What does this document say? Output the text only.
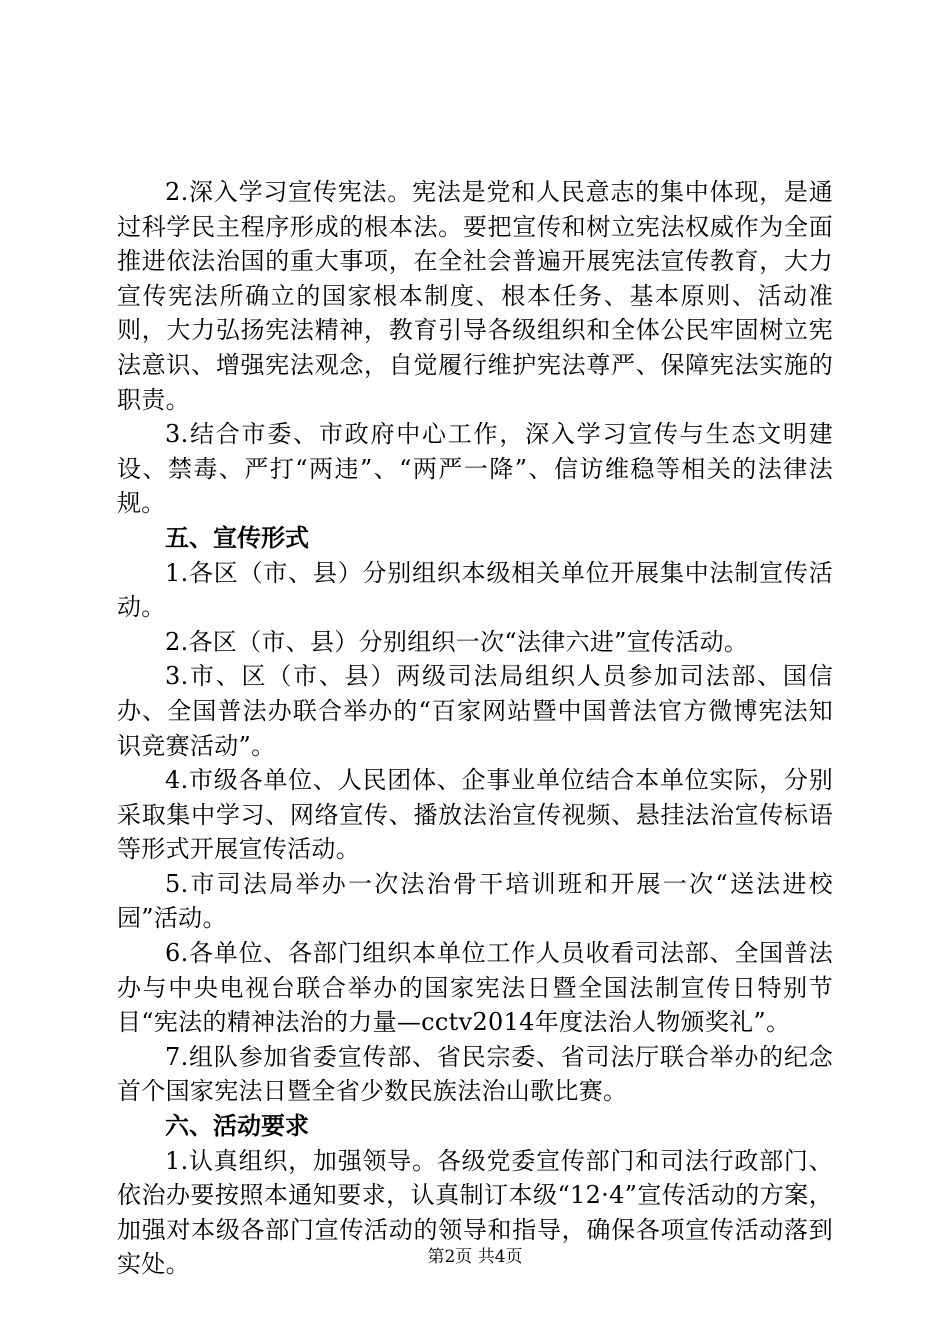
2.深入学习宣传宪法。宪法是党和人民意志的集中体现，是通过科学民主程序形成的根本法。要把宣传和树立宪法权威作为全面推进依法治国的重大事项，在全社会普遍开展宪法宣传教育，大力宣传宪法所确立的国家根本制度、根本任务、基本原则、活动准则，大力弘扬宪法精神，教育引导各级组织和全体公民牢固树立宪法意识、增强宪法观念，自觉履行维护宪法尊严、保障宪法实施的职责。

3.结合市委、市政府中心工作，深入学习宣传与生态文明建设、禁毒、严打“两违”、“两严一降”、信访维稳等相关的法律法规。

五、宣传形式

1.各区（市、县）分别组织本级相关单位开展集中法制宣传活动。

2.各区（市、县）分别组织一次“法律六进”宣传活动。

3.市、区（市、县）两级司法局组织人员参加司法部、国信办、全国普法办联合举办的“百家网站暨中国普法官方微博宪法知识竞赛活动”。

4.市级各单位、人民团体、企事业单位结合本单位实际，分别采取集中学习、网络宣传、播放法治宣传视频、悬挂法治宣传标语等形式开展宣传活动。

5.市司法局举办一次法治骨干培训班和开展一次“送法进校园”活动。

6.各单位、各部门组织本单位工作人员收看司法部、全国普法办与中央电视台联合举办的国家宪法日暨全国法制宣传日特别节目“宪法的精神法治的力量—cctv2014年度法治人物颁奖礼”。

7.组队参加省委宣传部、省民宗委、省司法厅联合举办的纪念首个国家宪法日暨全省少数民族法治山歌比赛。

六、活动要求

1.认真组织，加强领导。各级党委宣传部门和司法行政部门、依治办要按照本通知要求，认真制订本级“12·4”宣传活动的方案，加强对本级各部门宣传活动的领导和指导，确保各项宣传活动落到实处。	第2页 共4页
